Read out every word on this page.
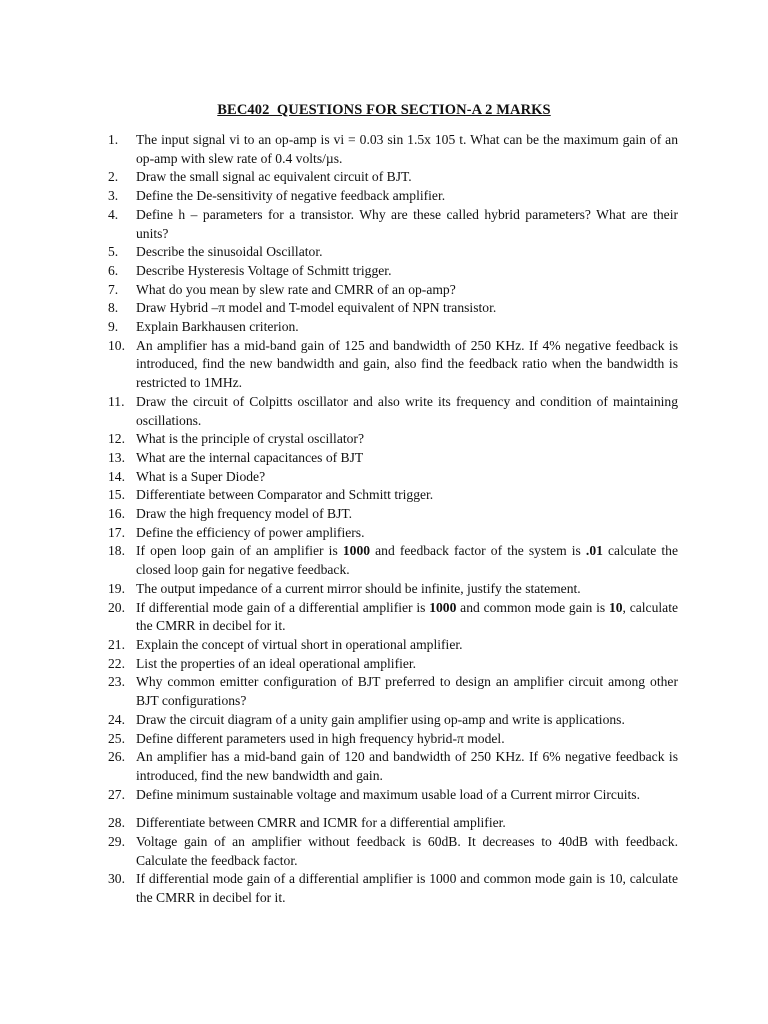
BEC402  QUESTIONS FOR SECTION-A 2 MARKS
1.	The input signal vi to an op-amp is vi = 0.03 sin 1.5x 105 t. What can be the maximum gain of an op-amp with slew rate of 0.4 volts/µs.
2.	Draw the small signal ac equivalent circuit of BJT.
3.	Define the De-sensitivity of negative feedback amplifier.
4.	Define h – parameters for a transistor. Why are these called hybrid parameters? What are their units?
5.	Describe the sinusoidal Oscillator.
6.	Describe Hysteresis Voltage of Schmitt trigger.
7.	What do you mean by slew rate and CMRR of an op-amp?
8.	Draw Hybrid –π model and T-model equivalent of NPN transistor.
9.	Explain Barkhausen criterion.
10. An amplifier has a mid-band gain of 125 and bandwidth of 250 KHz. If 4% negative feedback is introduced, find the new bandwidth and gain, also find the feedback ratio when the bandwidth is restricted to 1MHz.
11. Draw the circuit of Colpitts oscillator and also write its frequency and condition of maintaining oscillations.
12. What is the principle of crystal oscillator?
13. What are the internal capacitances of BJT
14. What is a Super Diode?
15. Differentiate between Comparator and Schmitt trigger.
16. Draw the high frequency model of BJT.
17. Define the efficiency of power amplifiers.
18. If open loop gain of an amplifier is 1000 and feedback factor of the system is .01 calculate the closed loop gain for negative feedback.
19. The output impedance of a current mirror should be infinite, justify the statement.
20. If differential mode gain of a differential amplifier is 1000 and common mode gain is 10, calculate the CMRR in decibel for it.
21. Explain the concept of virtual short in operational amplifier.
22. List the properties of an ideal operational amplifier.
23. Why common emitter configuration of BJT preferred to design an amplifier circuit among other BJT configurations?
24. Draw the circuit diagram of a unity gain amplifier using op-amp and write is applications.
25. Define different parameters used in high frequency hybrid-π model.
26. An amplifier has a mid-band gain of 120 and bandwidth of 250 KHz. If 6% negative feedback is introduced, find the new bandwidth and gain.
27. Define minimum sustainable voltage and maximum usable load of a Current mirror Circuits.
28. Differentiate between CMRR and ICMR for a differential amplifier.
29. Voltage gain of an amplifier without feedback is 60dB. It decreases to 40dB with feedback. Calculate the feedback factor.
30. If differential mode gain of a differential amplifier is 1000 and common mode gain is 10, calculate the CMRR in decibel for it.
